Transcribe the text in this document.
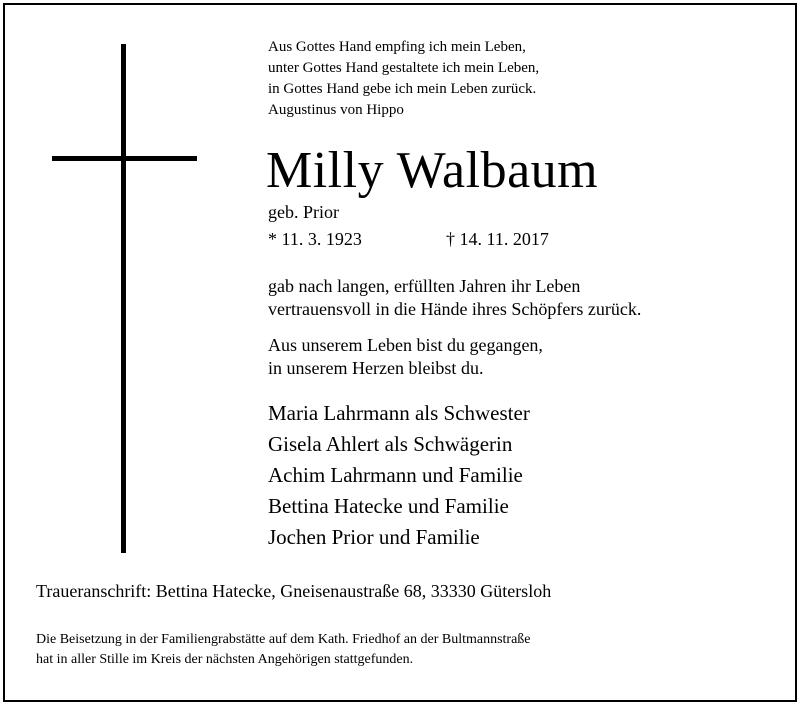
Aus Gottes Hand empfing ich mein Leben,
unter Gottes Hand gestaltete ich mein Leben,
in Gottes Hand gebe ich mein Leben zurück.
Augustinus von Hippo
Milly Walbaum
geb. Prior
* 11. 3. 1923	† 14. 11. 2017
gab nach langen, erfüllten Jahren ihr Leben
vertrauensvoll in die Hände ihres Schöpfers zurück.
Aus unserem Leben bist du gegangen,
in unserem Herzen bleibst du.
Maria Lahrmann als Schwester
Gisela Ahlert als Schwägerin
Achim Lahrmann und Familie
Bettina Hatecke und Familie
Jochen Prior und Familie
Traueranschrift: Bettina Hatecke, Gneisenaustraße 68, 33330 Gütersloh
Die Beisetzung in der Familiengrabstätte auf dem Kath. Friedhof an der Bultmannstraße
hat in aller Stille im Kreis der nächsten Angehörigen stattgefunden.
